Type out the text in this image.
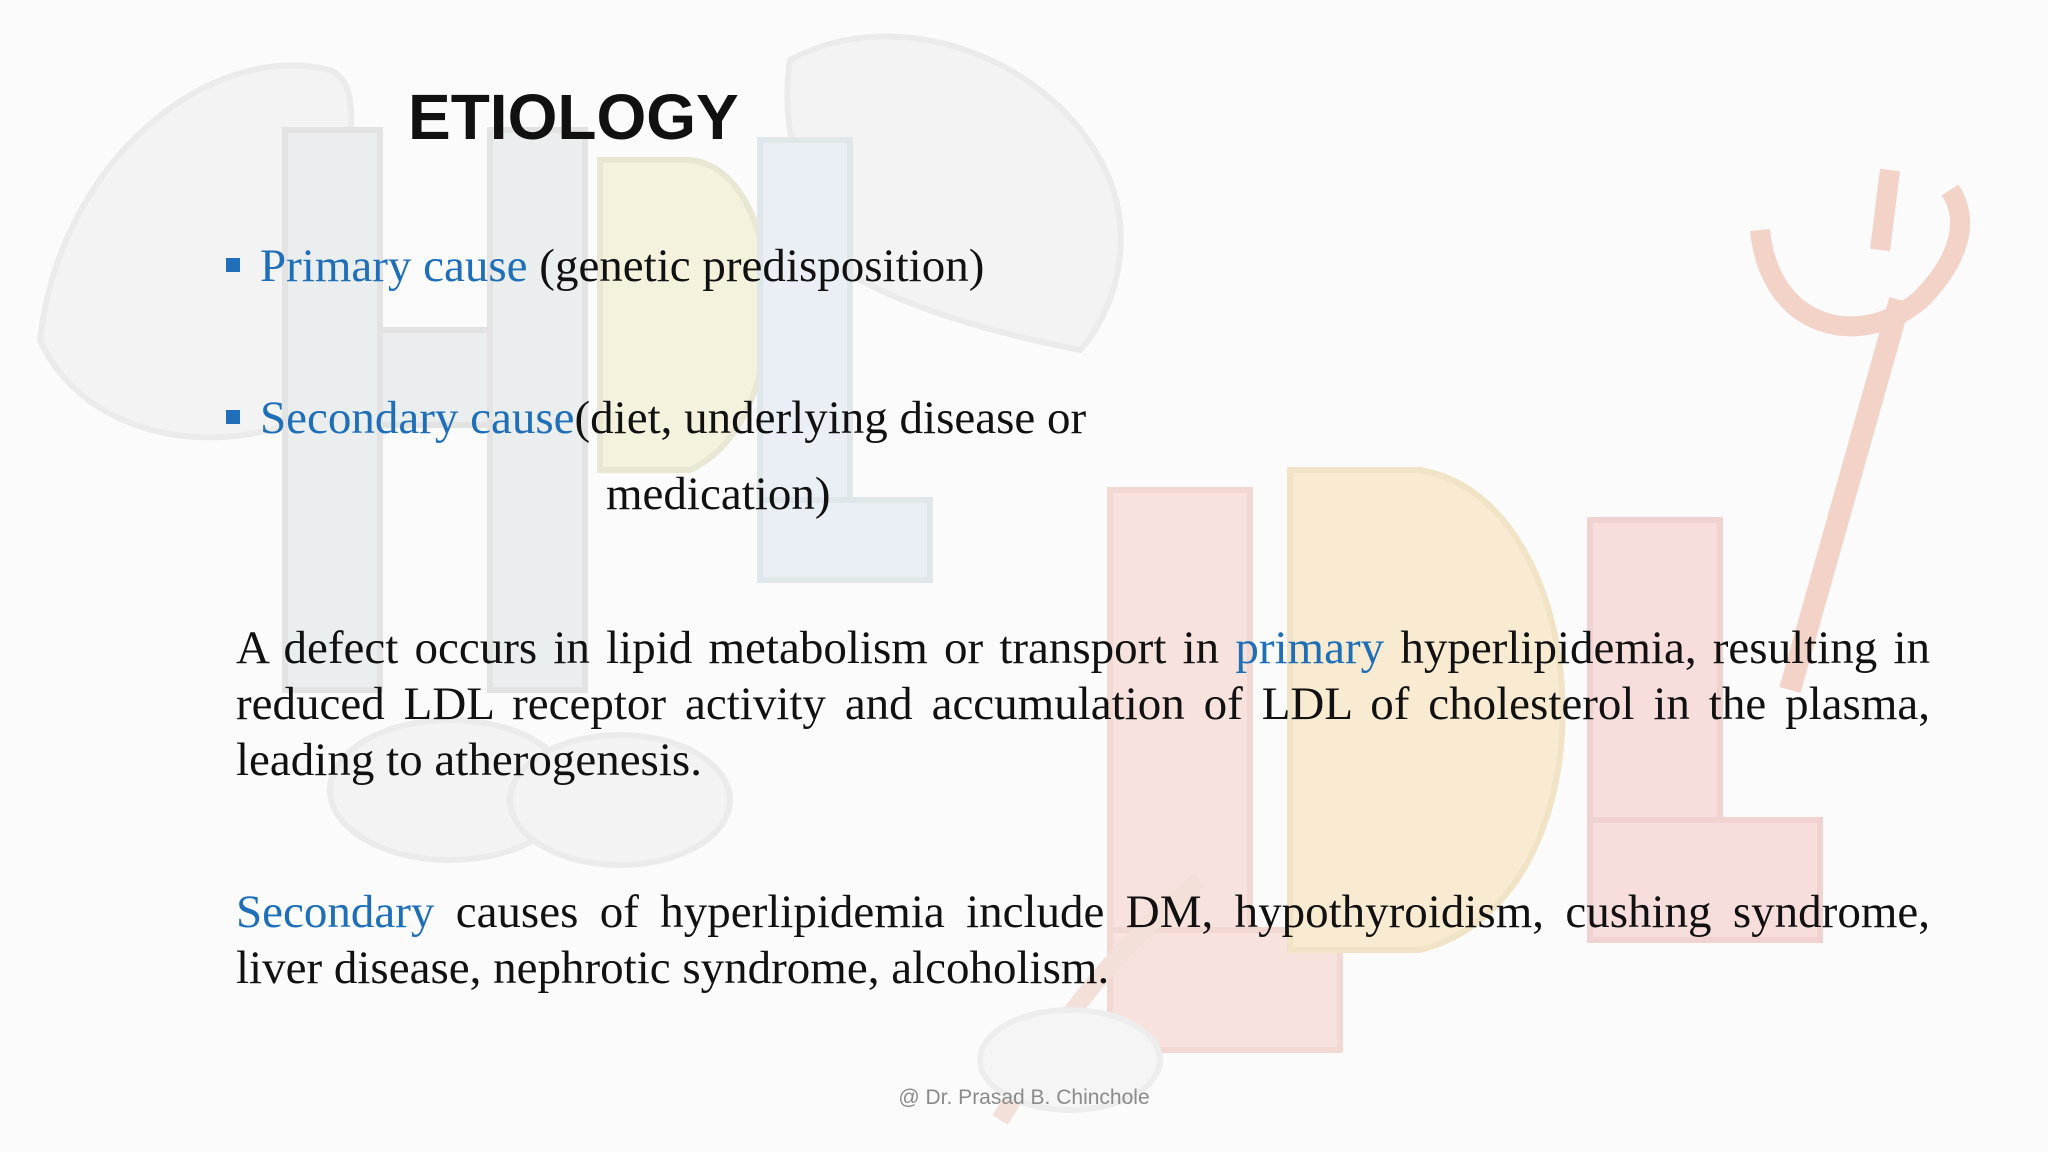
ETIOLOGY
Primary cause (genetic predisposition)
Secondary cause(diet, underlying disease or
medication)

A defect occurs in lipid metabolism or transport in primary hyperlipidemia, resulting in reduced LDL receptor activity and accumulation of LDL of cholesterol in the plasma, leading to atherogenesis.

Secondary causes of hyperlipidemia include DM, hypothyroidism, cushing syndrome, liver disease, nephrotic syndrome, alcoholism.

@ Dr. Prasad B. Chinchole
